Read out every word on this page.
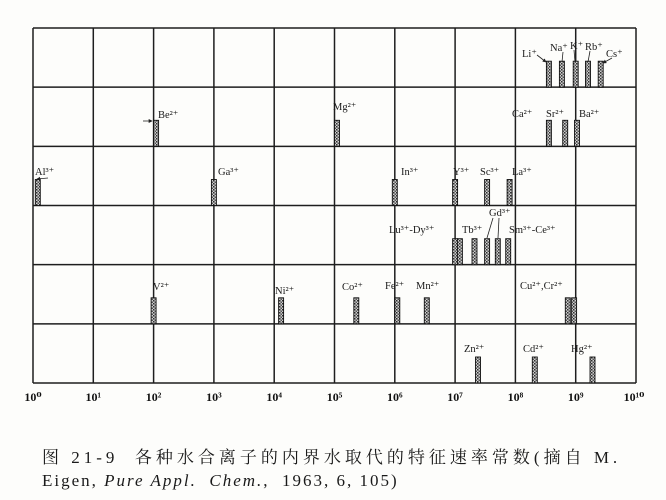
Li⁺
Na⁺ K⁺ Rb⁺
Cs⁺
Be²⁺
Mg²⁺
Ca²⁺ Sr²⁺ Ba²⁺
Al³⁺	Ga³⁺	In³⁺	Y³⁺ Sc³⁺ La³⁺
Lu³⁺-Dy³⁺	Tb³⁺
Gd³⁺
Sm³⁺-Ce³⁺
V²⁺	Ni²⁺	Co²⁺ Fe²⁺ Mn²⁺	Cu²⁺,Cr²⁺
Zn²⁺	Cd²⁺	Hg²⁺
10⁰	10¹	10²	10³	10⁴	10⁵	10⁶	10⁷	10⁸	10⁹	10¹⁰
图 21-9  各种水合离子的内界水取代的特征速率常数(摘自 M.
Eigen, Pure Appl.  Chem.,  1963, 6, 105)
